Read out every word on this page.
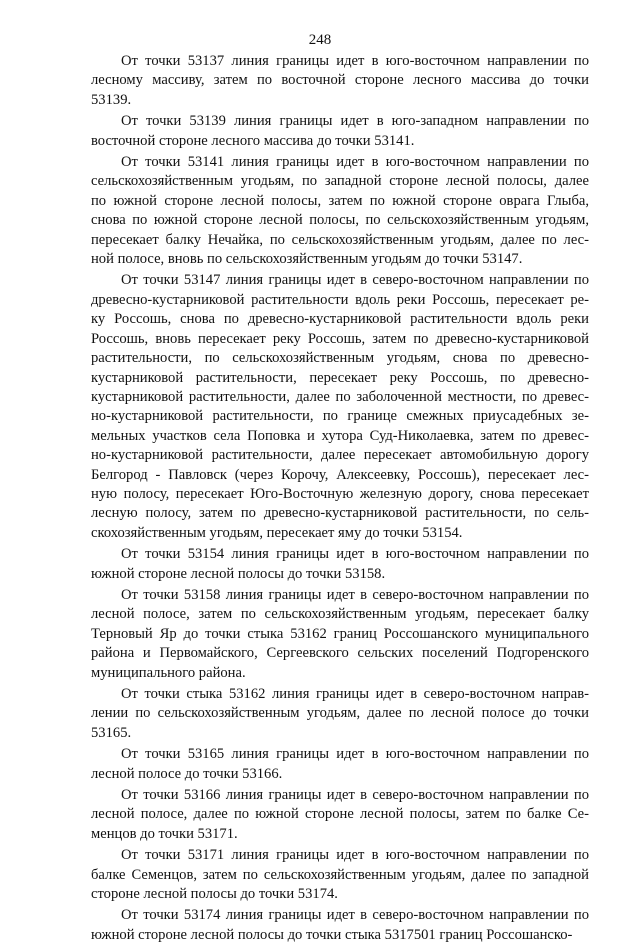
248

От точки 53137 линия границы идет в юго-восточном направлении по
лесному массиву, затем по восточной стороне лесного массива до точки
53139.

От точки 53139 линия границы идет в юго-западном направлении по
восточной стороне лесного массива до точки 53141.

От точки 53141 линия границы идет в юго-восточном направлении по
сельскохозяйственным угодьям, по западной стороне лесной полосы, далее
по южной стороне лесной полосы, затем по южной стороне оврага Глыба,
снова по южной стороне лесной полосы, по сельскохозяйственным угодьям,
пересекает балку Нечайка, по сельскохозяйственным угодьям, далее по лес-
ной полосе, вновь по сельскохозяйственным угодьям до точки 53147.

От точки 53147 линия границы идет в северо-восточном направлении по
древесно-кустарниковой растительности вдоль реки Россошь, пересекает ре-
ку Россошь, снова по древесно-кустарниковой растительности вдоль реки
Россошь, вновь пересекает реку Россошь, затем по древесно-кустарниковой
растительности, по сельскохозяйственным угодьям, снова по древесно-
кустарниковой растительности, пересекает реку Россошь, по древесно-
кустарниковой растительности, далее по заболоченной местности, по древес-
но-кустарниковой растительности, по границе смежных приусадебных зе-
мельных участков села Поповка и хутора Суд-Николаевка, затем по древес-
но-кустарниковой растительности, далее пересекает автомобильную дорогу
Белгород - Павловск (через Корочу, Алексеевку, Россошь), пересекает лес-
ную полосу, пересекает Юго-Восточную железную дорогу, снова пересекает
лесную полосу, затем по древесно-кустарниковой растительности, по сель-
скохозяйственным угодьям, пересекает яму до точки 53154.

От точки 53154 линия границы идет в юго-восточном направлении по
южной стороне лесной полосы до точки 53158.

От точки 53158 линия границы идет в северо-восточном направлении по
лесной полосе, затем по сельскохозяйственным угодьям, пересекает балку
Терновый Яр до точки стыка 53162 границ Россошанского муниципального
района и Первомайского, Сергеевского сельских поселений Подгоренского
муниципального района.

От точки стыка 53162 линия границы идет в северо-восточном направ-
лении по сельскохозяйственным угодьям, далее по лесной полосе до точки
53165.

От точки 53165 линия границы идет в юго-восточном направлении по
лесной полосе до точки 53166.

От точки 53166 линия границы идет в северо-восточном направлении по
лесной полосе, далее по южной стороне лесной полосы, затем по балке Се-
менцов до точки 53171.

От точки 53171 линия границы идет в юго-восточном направлении по
балке Семенцов, затем по сельскохозяйственным угодьям, далее по западной
стороне лесной полосы до точки 53174.

От точки 53174 линия границы идет в северо-восточном направлении по
южной стороне лесной полосы до точки стыка 5317501 границ Россошанско-
